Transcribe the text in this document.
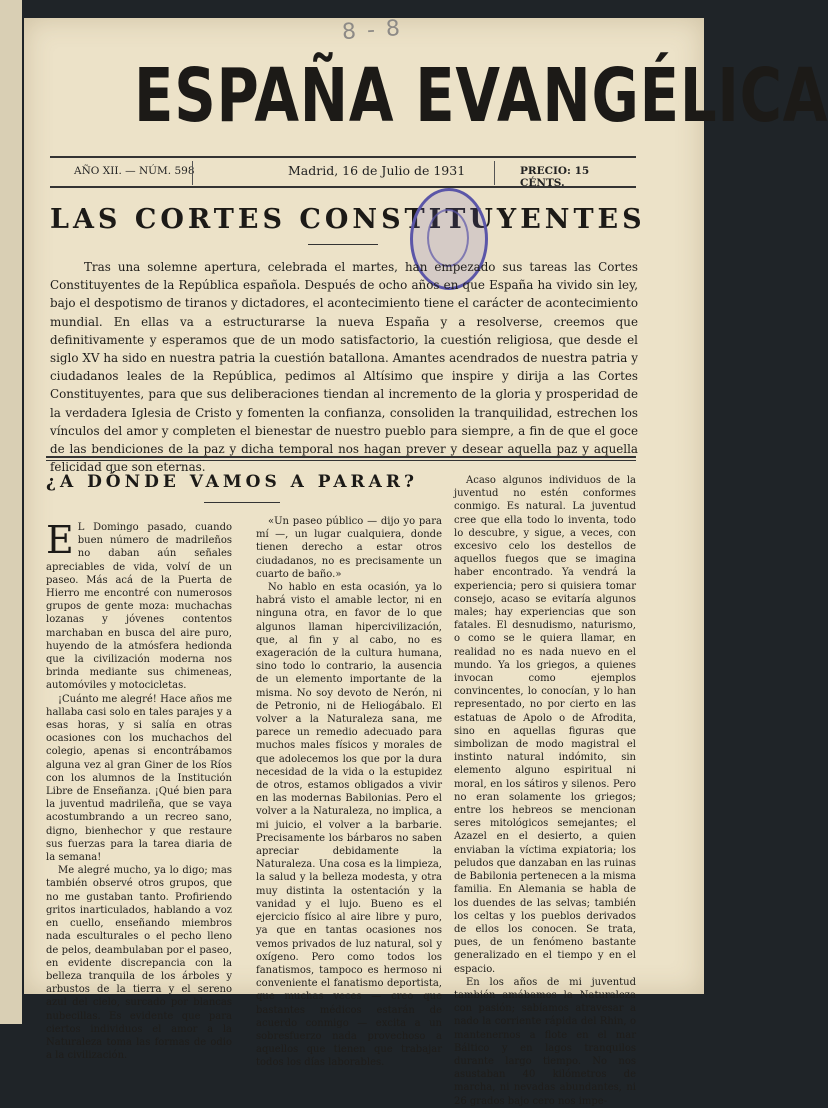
8 - 8
ESPAÑA EVANGÉLICA
AÑO XII. — NÚM. 598	Madrid, 16 de Julio de 1931	PRECIO: 15 CÉNTS.
LAS CORTES CONSTITUYENTES

Tras una solemne apertura, celebrada el martes, han empezado sus tareas las Cortes Constituyentes de la República española. Después de ocho años en que España ha vivido sin ley, bajo el despotismo de tiranos y dictadores, el acontecimiento tiene el carácter de acontecimiento mundial. En ellas va a estructurarse la nueva España y a resolverse, creemos que definitivamente y esperamos que de un modo satisfactorio, la cuestión religiosa, que desde el siglo XV ha sido en nuestra patria la cuestión batallona. Amantes acendrados de nuestra patria y ciudadanos leales de la República, pedimos al Altísimo que inspire y dirija a las Cortes Constituyentes, para que sus deliberaciones tiendan al incremento de la gloria y prosperidad de la verdadera Iglesia de Cristo y fomenten la confianza, consoliden la tranquilidad, estrechen los vínculos del amor y completen el bienestar de nuestro pueblo para siempre, a fin de que el goce de las bendiciones de la paz y dicha temporal nos hagan prever y desear aquella paz y aquella felicidad que son eternas.

¿A DÓNDE VAMOS A PARAR?

E L Domingo pasado, cuando buen número de madrileños no daban aún señales apreciables de vida, volví de un paseo. Más acá de la Puerta de Hierro me encontré con numerosos grupos de gente moza: muchachas lozanas y jóvenes contentos marchaban en busca del aire puro, huyendo de la atmósfera hedionda que la civilización moderna nos brinda mediante sus chimeneas, automóviles y motocicletas.

¡Cuánto me alegré! Hace años me hallaba casi solo en tales parajes y a esas horas, y si salía en otras ocasiones con los muchachos del colegio, apenas si encontrábamos alguna vez al gran Giner de los Ríos con los alumnos de la Institución Libre de Enseñanza. ¡Qué bien para la juventud madrileña, que se vaya acostumbrando a un recreo sano, digno, bienhechor y que restaure sus fuerzas para la tarea diaria de la semana!

Me alegré mucho, ya lo digo; mas también observé otros grupos, que no me gustaban tanto. Profiriendo gritos inarticulados, hablando a voz en cuello, enseñando miembros nada esculturales o el pecho lleno de pelos, deambulaban por el paseo, en evidente discrepancia con la belleza tranquila de los árboles y arbustos de la tierra y el sereno azul del cielo, surcado por blancas nubecillas. Es evidente que para ciertos individuos el amor a la Naturaleza toma las formas de odio a la civilización.

«Un paseo público — dijo yo para mí —, un lugar cualquiera, donde tienen derecho a estar otros ciudadanos, no es precisamente un cuarto de baño.»

No hablo en esta ocasión, ya lo habrá visto el amable lector, ni en ninguna otra, en favor de lo que algunos llaman hipercivilización, que, al fin y al cabo, no es exageración de la cultura humana, sino todo lo contrario, la ausencia de un elemento importante de la misma. No soy devoto de Nerón, ni de Petronio, ni de Heliogábalo. El volver a la Naturaleza sana, me parece un remedio adecuado para muchos males físicos y morales de que adolecemos los que por la dura necesidad de la vida o la estupidez de otros, estamos obligados a vivir en las modernas Babilonias. Pero el volver a la Naturaleza, no implica, a mi juicio, el volver a la barbarie. Precisamente los bárbaros no saben apreciar debidamente la Naturaleza. Una cosa es la limpieza, la salud y la belleza modesta, y otra muy distinta la ostentación y la vanidad y el lujo. Bueno es el ejercicio físico al aire libre y puro, ya que en tantas ocasiones nos vemos privados de luz natural, sol y oxígeno. Pero como todos los fanatismos, tampoco es hermoso ni conveniente el fanatismo deportista, que muchas veces — creo que bastantes médicos estarán de acuerdo conmigo — excita a un sobresfuerzo nada provechoso a aquellos que tienen que trabajar todos los días laborables.

Acaso algunos individuos de la juventud no estén conformes conmigo. Es natural. La juventud cree que ella todo lo inventa, todo lo descubre, y sigue, a veces, con excesivo celo los destellos de aquellos fuegos que se imagina haber encontrado. Ya vendrá la experiencia; pero si quisiera tomar consejo, acaso se evitaría algunos males; hay experiencias que son fatales. El desnudismo, naturismo, o como se le quiera llamar, en realidad no es nada nuevo en el mundo. Ya los griegos, a quienes invocan como ejemplos convincentes, lo conocían, y lo han representado, no por cierto en las estatuas de Apolo o de Afrodita, sino en aquellas figuras que simbolizan de modo magistral el instinto natural indómito, sin elemento alguno espiritual ni moral, en los sátiros y silenos. Pero no eran solamente los griegos; entre los hebreos se mencionan seres mitológicos semejantes; el Azazel en el desierto, a quien enviaban la víctima expiatoria; los peludos que danzaban en las ruinas de Babilonia pertenecen a la misma familia. En Alemania se habla de los duendes de las selvas; también los celtas y los pueblos derivados de ellos los conocen. Se trata, pues, de un fenómeno bastante generalizado en el tiempo y en el espacio.

En los años de mi juventud también amábamos la Naturaleza con pasión; sabíamos atravesar a nado la corriente rápida del Rhin, o mantenernos a flote en el mar Báltico y en lagos tranquilos durante largo tiempo. No nos asustaban 40 kilómetros de marcha, ni nevadas abundantes, ni 26 grados bajo cero nos impe-
